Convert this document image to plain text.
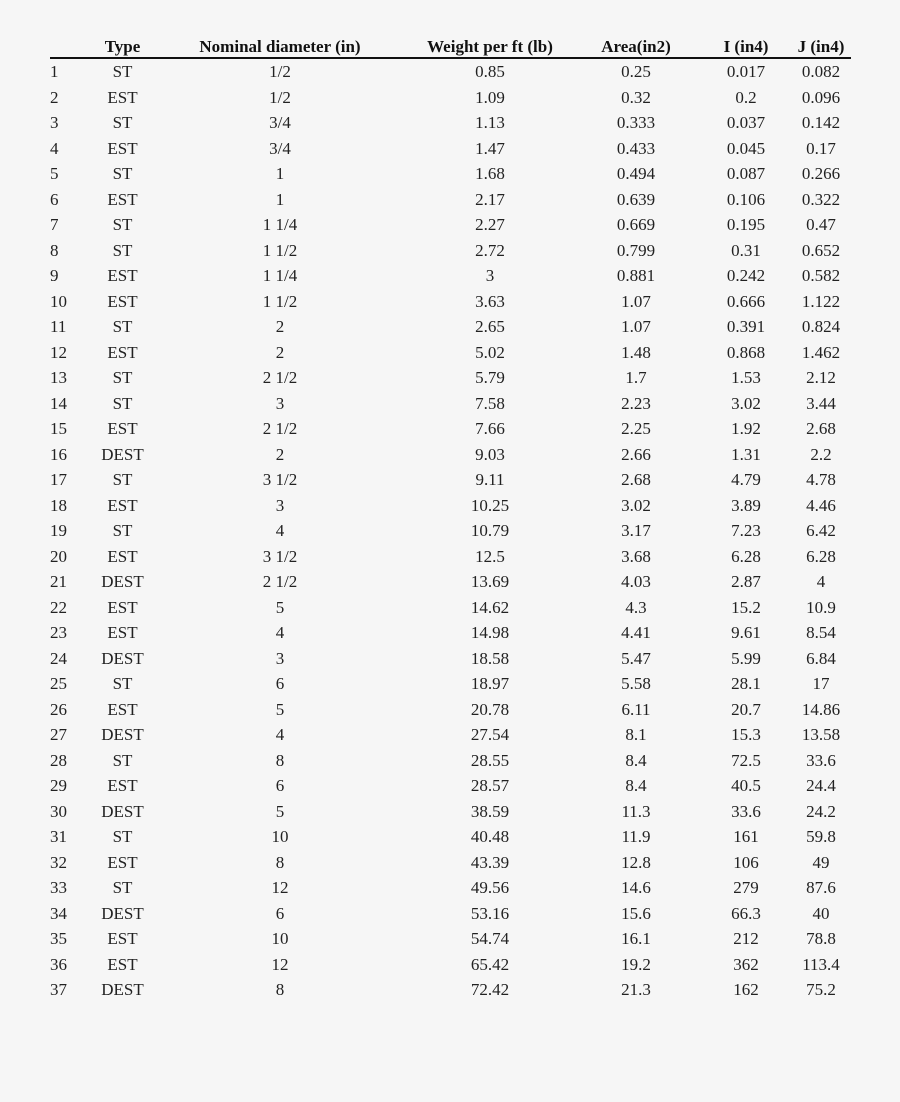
	Type	Nominal diameter (in)	Weight per ft (lb)	Area(in2)	I (in4)	J (in4)
1	ST	1/2	0.85	0.25	0.017	0.082
2	EST	1/2	1.09	0.32	0.2	0.096
3	ST	3/4	1.13	0.333	0.037	0.142
4	EST	3/4	1.47	0.433	0.045	0.17
5	ST	1	1.68	0.494	0.087	0.266
6	EST	1	2.17	0.639	0.106	0.322
7	ST	1 1/4	2.27	0.669	0.195	0.47
8	ST	1 1/2	2.72	0.799	0.31	0.652
9	EST	1 1/4	3	0.881	0.242	0.582
10	EST	1 1/2	3.63	1.07	0.666	1.122
11	ST	2	2.65	1.07	0.391	0.824
12	EST	2	5.02	1.48	0.868	1.462
13	ST	2 1/2	5.79	1.7	1.53	2.12
14	ST	3	7.58	2.23	3.02	3.44
15	EST	2 1/2	7.66	2.25	1.92	2.68
16	DEST	2	9.03	2.66	1.31	2.2
17	ST	3 1/2	9.11	2.68	4.79	4.78
18	EST	3	10.25	3.02	3.89	4.46
19	ST	4	10.79	3.17	7.23	6.42
20	EST	3 1/2	12.5	3.68	6.28	6.28
21	DEST	2 1/2	13.69	4.03	2.87	4
22	EST	5	14.62	4.3	15.2	10.9
23	EST	4	14.98	4.41	9.61	8.54
24	DEST	3	18.58	5.47	5.99	6.84
25	ST	6	18.97	5.58	28.1	17
26	EST	5	20.78	6.11	20.7	14.86
27	DEST	4	27.54	8.1	15.3	13.58
28	ST	8	28.55	8.4	72.5	33.6
29	EST	6	28.57	8.4	40.5	24.4
30	DEST	5	38.59	11.3	33.6	24.2
31	ST	10	40.48	11.9	161	59.8
32	EST	8	43.39	12.8	106	49
33	ST	12	49.56	14.6	279	87.6
34	DEST	6	53.16	15.6	66.3	40
35	EST	10	54.74	16.1	212	78.8
36	EST	12	65.42	19.2	362	113.4
37	DEST	8	72.42	21.3	162	75.2
